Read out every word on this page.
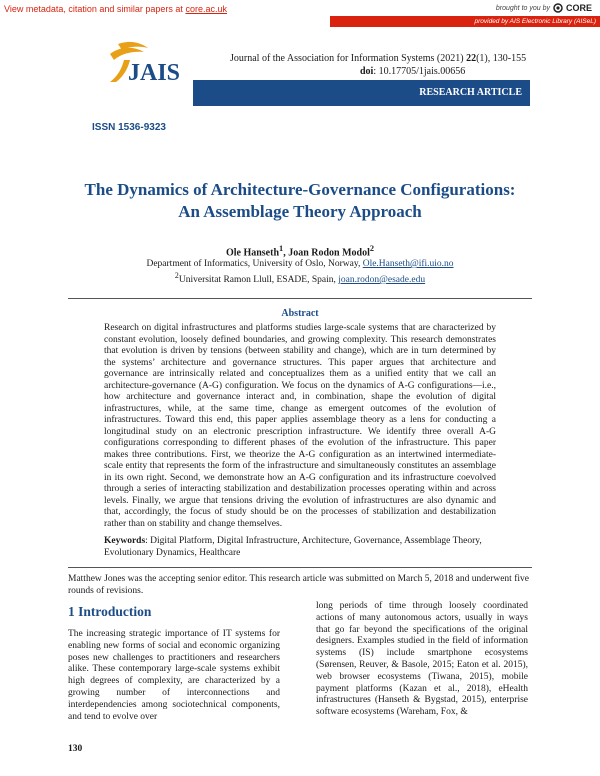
View metadata, citation and similar papers at core.ac.uk	brought to you by CORE
provided by AIS Electronic Library (AISeL)
JAIS
Journal of the Association for Information Systems (2021) 22(1), 130-155
doi: 10.17705/1jais.00656
RESEARCH ARTICLE
ISSN 1536-9323
The Dynamics of Architecture-Governance Configurations:
An Assemblage Theory Approach
Ole Hanseth$^1$, Joan Rodon Modol$^2$
Department of Informatics, University of Oslo, Norway, Ole.Hanseth@ifi.uio.no
$^2$Universitat Ramon Llull, ESADE, Spain, joan.rodon@esade.edu
Abstract
Research on digital infrastructures and platforms studies large-scale systems that are characterized by constant evolution, loosely defined boundaries, and growing complexity. This research demonstrates that evolution is driven by tensions (between stability and change), which are in turn determined by the systems’ architecture and governance structures. This paper argues that architecture and governance are intrinsically related and conceptualizes them as a unified entity that we call an architecture-governance (A-G) configuration. We focus on the dynamics of A-G configurations—i.e., how architecture and governance interact and, in combination, shape the evolution of digital infrastructures, while, at the same time, change as emergent outcomes of the evolution of infrastructures. Toward this end, this paper applies assemblage theory as a lens for conducting a longitudinal study on an electronic prescription infrastructure. We identify three overall A-G configurations corresponding to different phases of the evolution of the infrastructure. This paper makes three contributions. First, we theorize the A-G configuration as an intertwined intermediate-scale entity that represents the form of the infrastructure and simultaneously constitutes an assemblage in its own right. Second, we demonstrate how an A-G configuration and its infrastructure coevolved through a series of interacting stabilization and destabilization processes operating within and across levels. Finally, we argue that tensions driving the evolution of infrastructures are also dynamic and that, accordingly, the focus of study should be on the processes of stabilization and destabilization rather than on stability and change themselves.
Keywords: Digital Platform, Digital Infrastructure, Architecture, Governance, Assemblage Theory, Evolutionary Dynamics, Healthcare
Matthew Jones was the accepting senior editor. This research article was submitted on March 5, 2018 and underwent five rounds of revisions.
1 Introduction
The increasing strategic importance of IT systems for enabling new forms of social and economic organizing poses new challenges to practitioners and researchers alike. These contemporary large-scale systems exhibit high degrees of complexity, are characterized by a growing number of interconnections and interdependencies among sociotechnical components, and tend to evolve over
long periods of time through loosely coordinated actions of many autonomous actors, usually in ways that go far beyond the specifications of the original designers. Examples studied in the field of information systems (IS) include smartphone ecosystems (Sørensen, Reuver, & Basole, 2015; Eaton et al. 2015), web browser ecosystems (Tiwana, 2015), mobile payment platforms (Kazan et al., 2018), eHealth infrastructures (Hanseth & Bygstad, 2015), enterprise software ecosystems (Wareham, Fox, &
130
